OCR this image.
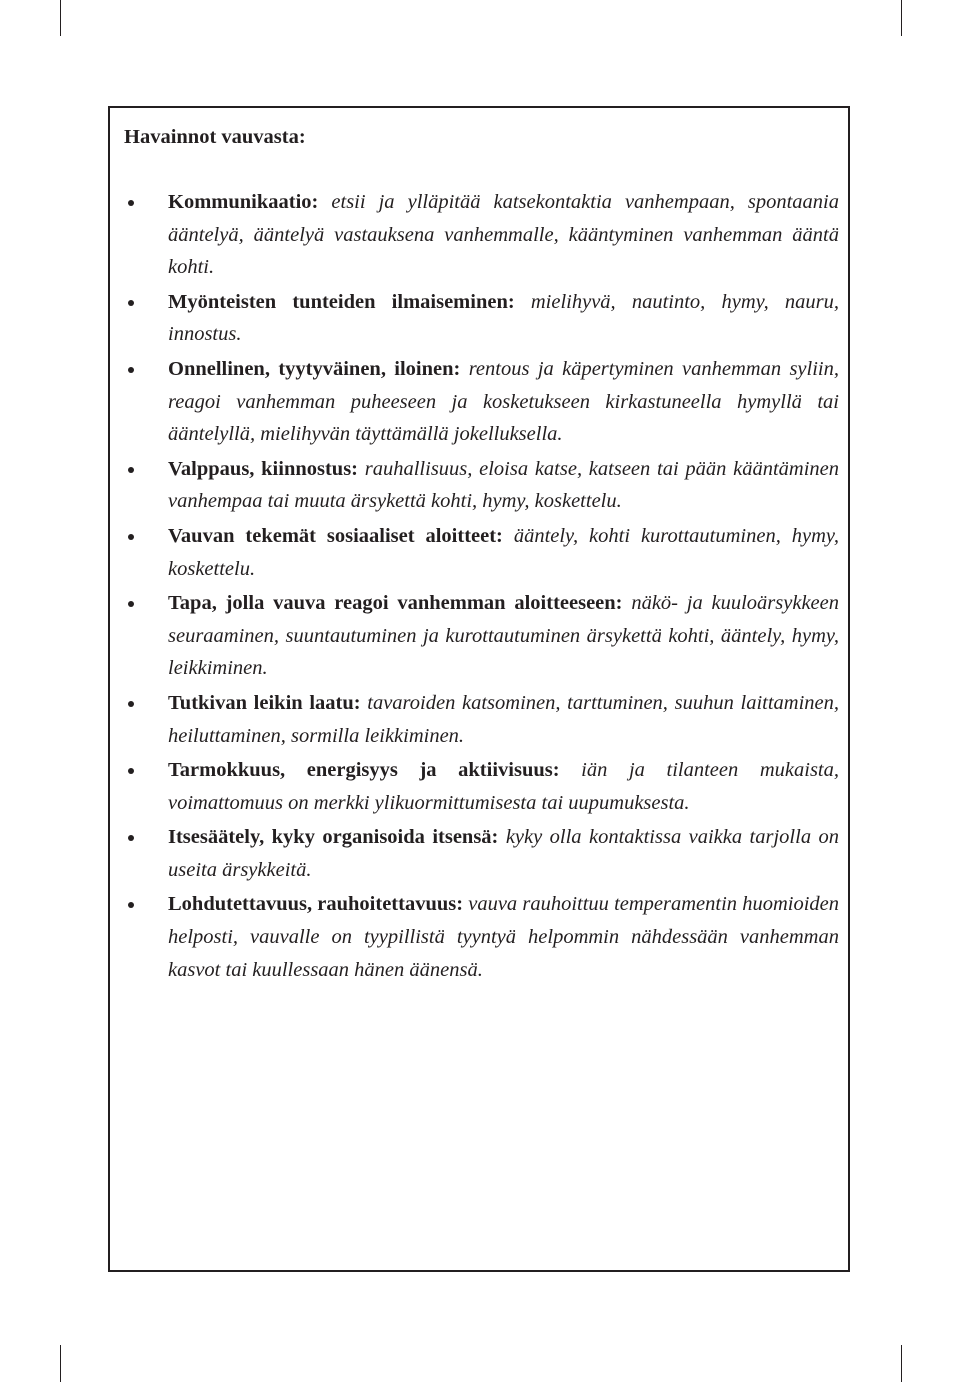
Havainnot vauvasta:
Kommunikaatio: etsii ja ylläpitää katsekontaktia vanhempaan, spontaania ääntelyä, ääntelyä vastauksena vanhemmalle, kääntyminen vanhemman ääntä kohti.
Myönteisten tunteiden ilmaiseminen: mielihyvä, nautinto, hymy, nauru, innostus.
Onnellinen, tyytyväinen, iloinen: rentous ja käpertyminen vanhemman syliin, reagoi vanhemman puheeseen ja kosketukseen kirkastuneella hymyllä tai ääntelyllä, mielihyvän täyttämällä jokelluksella.
Valppaus, kiinnostus: rauhallisuus, eloisa katse, katseen tai pään kääntäminen vanhempaa tai muuta ärsykettä kohti, hymy, koskettelu.
Vauvan tekemät sosiaaliset aloitteet: ääntely, kohti kurottautuminen, hymy, koskettelu.
Tapa, jolla vauva reagoi vanhemman aloitteeseen: näkö- ja kuuloärsykkeen seuraaminen, suuntautuminen ja kurottautuminen ärsykettä kohti, ääntely, hymy, leikkiminen.
Tutkivan leikin laatu: tavaroiden katsominen, tarttuminen, suuhun laittaminen, heiluttaminen, sormilla leikkiminen.
Tarmokkuus, energisyys ja aktiivisuus: iän ja tilanteen mukaista, voimattomuus on merkki ylikuormittumisesta tai uupumuksesta.
Itsesäätely, kyky organisoida itsensä: kyky olla kontaktissa vaikka tarjolla on useita ärsykkeitä.
Lohdutettavuus, rauhoitettavuus: vauva rauhoittuu temperamentin huomioiden helposti, vauvalle on tyypillistä tyyntyä helpommin nähdessään vanhemman kasvot tai kuullessaan hänen äänensä.
